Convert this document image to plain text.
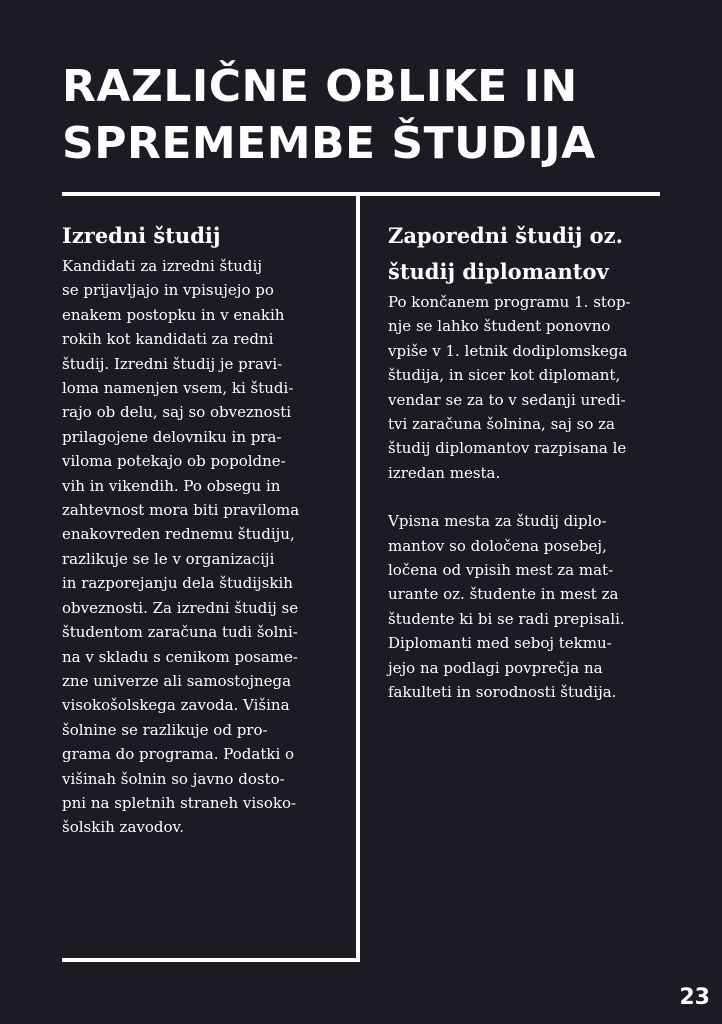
RAZLIČNE OBLIKE IN
SPREMEMBE ŠTUDIJA
Izredni študij

Kandidati za izredni študij
se prijavljajo in vpisujejo po
enakem postopku in v enakih
rokih kot kandidati za redni
študij. Izredni študij je pravi-
loma namenjen vsem, ki študi-
rajo ob delu, saj so obveznosti
prilagojene delovniku in pra-
viloma potekajo ob popoldne-
vih in vikendih. Po obsegu in
zahtevnost mora biti praviloma
enakovreden rednemu študiju,
razlikuje se le v organizaciji
in razporejanju dela študijskih
obveznosti. Za izredni študij se
študentom zaračuna tudi šolni-
na v skladu s cenikom posame-
zne univerze ali samostojnega
visokošolskega zavoda. Višina
šolnine se razlikuje od pro-
grama do programa. Podatki o
višinah šolnin so javno dosto-
pni na spletnih straneh visoko-
šolskih zavodov.

Zaporedni študij oz.
študij diplomantov

Po končanem programu 1. stop-
nje se lahko študent ponovno
vpiše v 1. letnik dodiplomskega
študija, in sicer kot diplomant,
vendar se za to v sedanji uredi-
tvi zaračuna šolnina, saj so za
študij diplomantov razpisana le
izredan mesta.

Vpisna mesta za študij diplo-
mantov so določena posebej,
ločena od vpisih mest za mat-
urante oz. študente in mest za
študente ki bi se radi prepisali.
Diplomanti med seboj tekmu-
jejo na podlagi povprečja na
fakulteti in sorodnosti študija.

23
